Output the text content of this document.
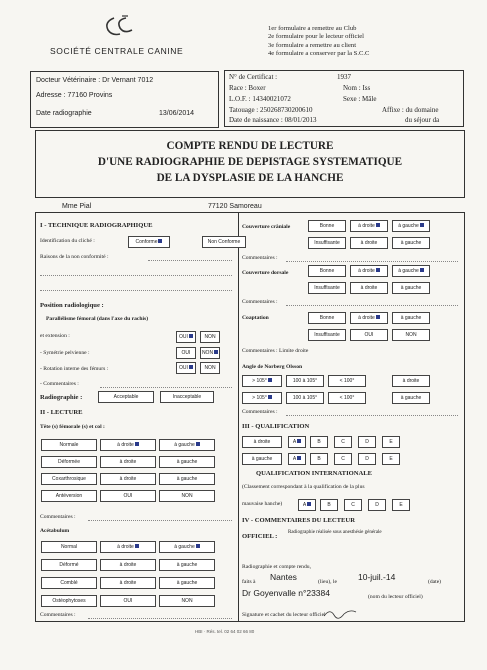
SOCIÉTÉ CENTRALE CANINE
1er formulaire a remettre au Club
2e formulaire pour le lecteur officiel
3e formulaire a remettre au client
4e formulaire a conserver par la S.C.C
Docteur Vétérinaire : Dr Vernant 7012
Adresse : 77160 Provins
Date radiographie	13/06/2014
N° de Certificat :	1937
Race : Boxer	Nom : Iss
L.O.F. : 14340021072	Sexe : Mâle
Tatouage : 250268730200610	Affixe : du domaine
Date de naissance : 08/01/2013	du séjour da
COMPTE RENDU DE LECTURE
D'UNE RADIOGRAPHIE DE DEPISTAGE SYSTEMATIQUE
DE LA DYSPLASIE DE LA HANCHE
Mme Pial	77120 Samoreau
I - TECHNIQUE RADIOGRAPHIQUE
Identification du cliché :	Conforme	Non Conforme
Raisons de la non conformité :
Position radiologique :
Parallélisme fémoral (dans l'axe du rachis)
et extension :	OUI	NON
- Symétrie pelvienne :	OUI	NON
- Rotation interne des fémurs :	OUI	NON
- Commentaires :
Radiographie :	Acceptable	Inacceptable
II - LECTURE
Tête (s) fémorale (s) et col :
Normale	à droite	à gauche
Déformée	à droite	à gauche
Coxarthrosique	à droite	à gauche
Antéversion	OUI	NON
Commentaires :
Acétabulum
Normal	à droite	à gauche
Déformé	à droite	à gauche
Comblé	à droite	à gauche
Ostéophytoses	OUI	NON
Commentaires :
Couverture crâniale	Bonne	à droite	à gauche
Insuffisante	à droite	à gauche
Commentaires :
Couverture dorsale	Bonne	à droite	à gauche
Insuffisante	à droite	à gauche
Commentaires :
Coaptation	Bonne	à droite	à gauche
Insuffisante	OUI	NON
Commentaires : Limite droite
Angle de Norberg Olsson
> 105°	100 à 105°	< 100°	à droite
> 105°	100 à 105°	< 100°	à gauche
Commentaires :
III - QUALIFICATION
à droite	A	B	C	D	E
à gauche	A	B	C	D	E
QUALIFICATION INTERNATIONALE
(Classement correspondant à la qualification de la plus
mauvaise hanche)	A	B	C	D	E
IV - COMMENTAIRES DU LECTEUR
OFFICIEL :
Radiographie réalisée sous anesthésie générale
Radiographie et compte rendu,
faits à Nantes	(lieu), le 10-juil.-14	(date)
Dr Goyenvalle n°23384	(nom du lecteur officiel)
Signature et cachet du lecteur officiel
HBI · Rés. tel. 02 64 02 66 80
